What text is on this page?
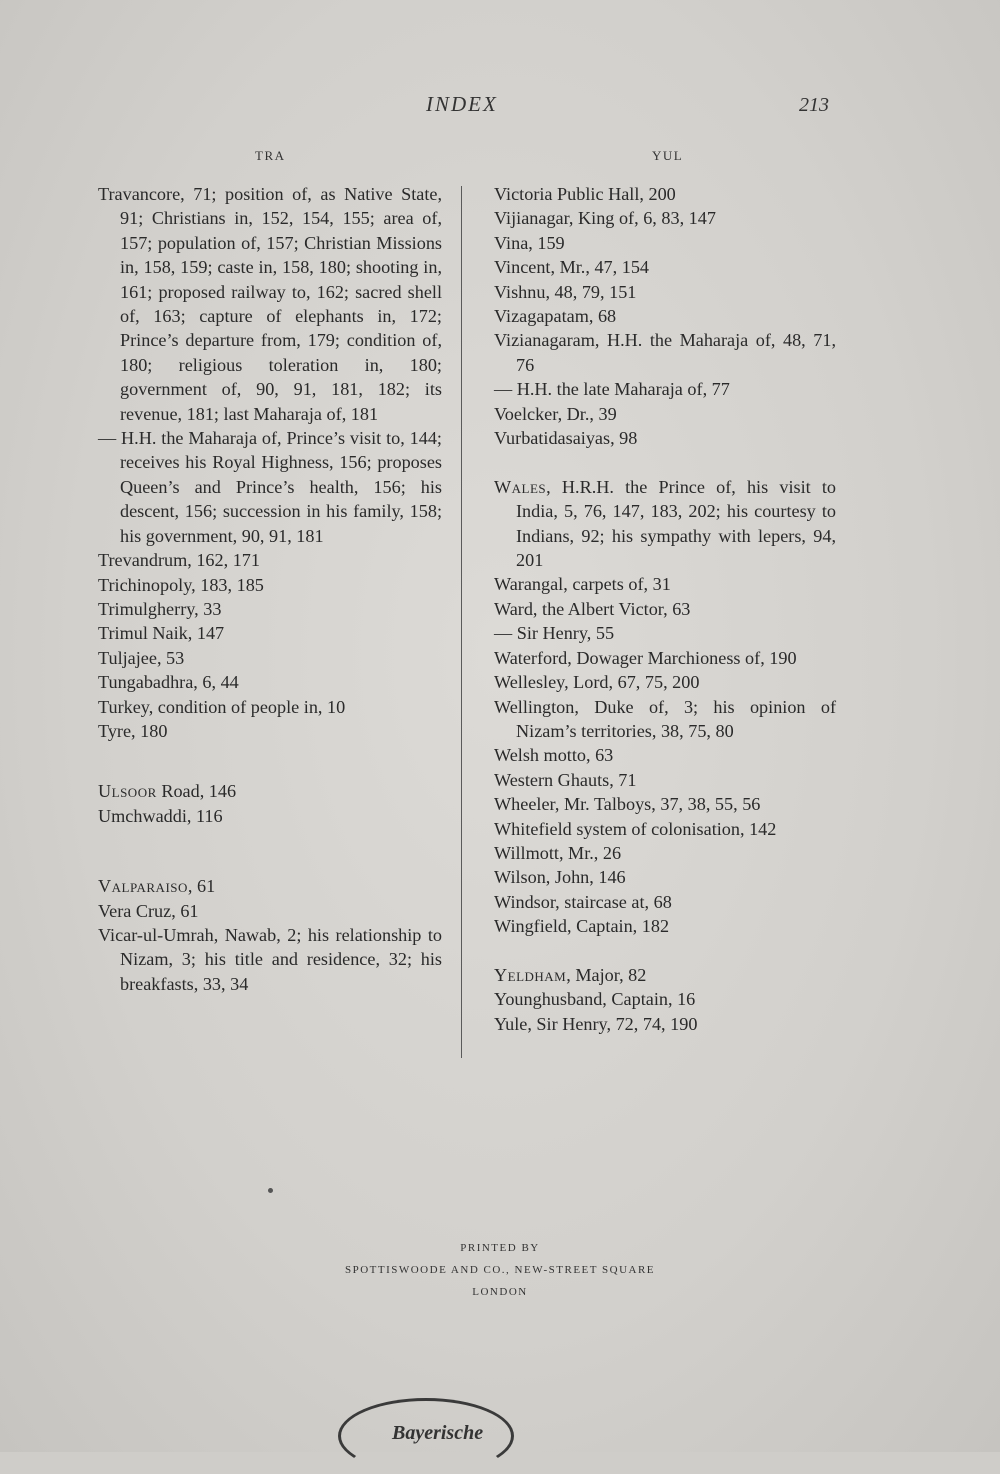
INDEX	213
TRA	YUL
Travancore, 71; position of, as Native State, 91; Christians in, 152, 154, 155; area of, 157; population of, 157; Christian Missions in, 158, 159; caste in, 158, 180; shooting in, 161; proposed railway to, 162; sacred shell of, 163; capture of elephants in, 172; Prince’s departure from, 179; condition of, 180; religious toleration in, 180; government of, 90, 91, 181, 182; its revenue, 181; last Maharaja of, 181
— H.H. the Maharaja of, Prince’s visit to, 144; receives his Royal Highness, 156; proposes Queen’s and Prince’s health, 156; his descent, 156; succession in his family, 158; his government, 90, 91, 181
Trevandrum, 162, 171
Trichinopoly, 183, 185
Trimulgherry, 33
Trimul Naik, 147
Tuljajee, 53
Tungabadhra, 6, 44
Turkey, condition of people in, 10
Tyre, 180
Ulsoor Road, 146
Umchwaddi, 116
Valparaiso, 61
Vera Cruz, 61
Vicar-ul-Umrah, Nawab, 2; his relationship to Nizam, 3; his title and residence, 32; his breakfasts, 33, 34
Victoria Public Hall, 200
Vijianagar, King of, 6, 83, 147
Vina, 159
Vincent, Mr., 47, 154
Vishnu, 48, 79, 151
Vizagapatam, 68
Vizianagaram, H.H. the Maharaja of, 48, 71, 76
— H.H. the late Maharaja of, 77
Voelcker, Dr., 39
Vurbatidasaiyas, 98
Wales, H.R.H. the Prince of, his visit to India, 5, 76, 147, 183, 202; his courtesy to Indians, 92; his sympathy with lepers, 94, 201
Warangal, carpets of, 31
Ward, the Albert Victor, 63
— Sir Henry, 55
Waterford, Dowager Marchioness of, 190
Wellesley, Lord, 67, 75, 200
Wellington, Duke of, 3; his opinion of Nizam’s territories, 38, 75, 80
Welsh motto, 63
Western Ghauts, 71
Wheeler, Mr. Talboys, 37, 38, 55, 56
Whitefield system of colonisation, 142
Willmott, Mr., 26
Wilson, John, 146
Windsor, staircase at, 68
Wingfield, Captain, 182
Yeldham, Major, 82
Younghusband, Captain, 16
Yule, Sir Henry, 72, 74, 190
PRINTED BY
SPOTTISWOODE AND CO., NEW-STREET SQUARE
LONDON
Bayerische
